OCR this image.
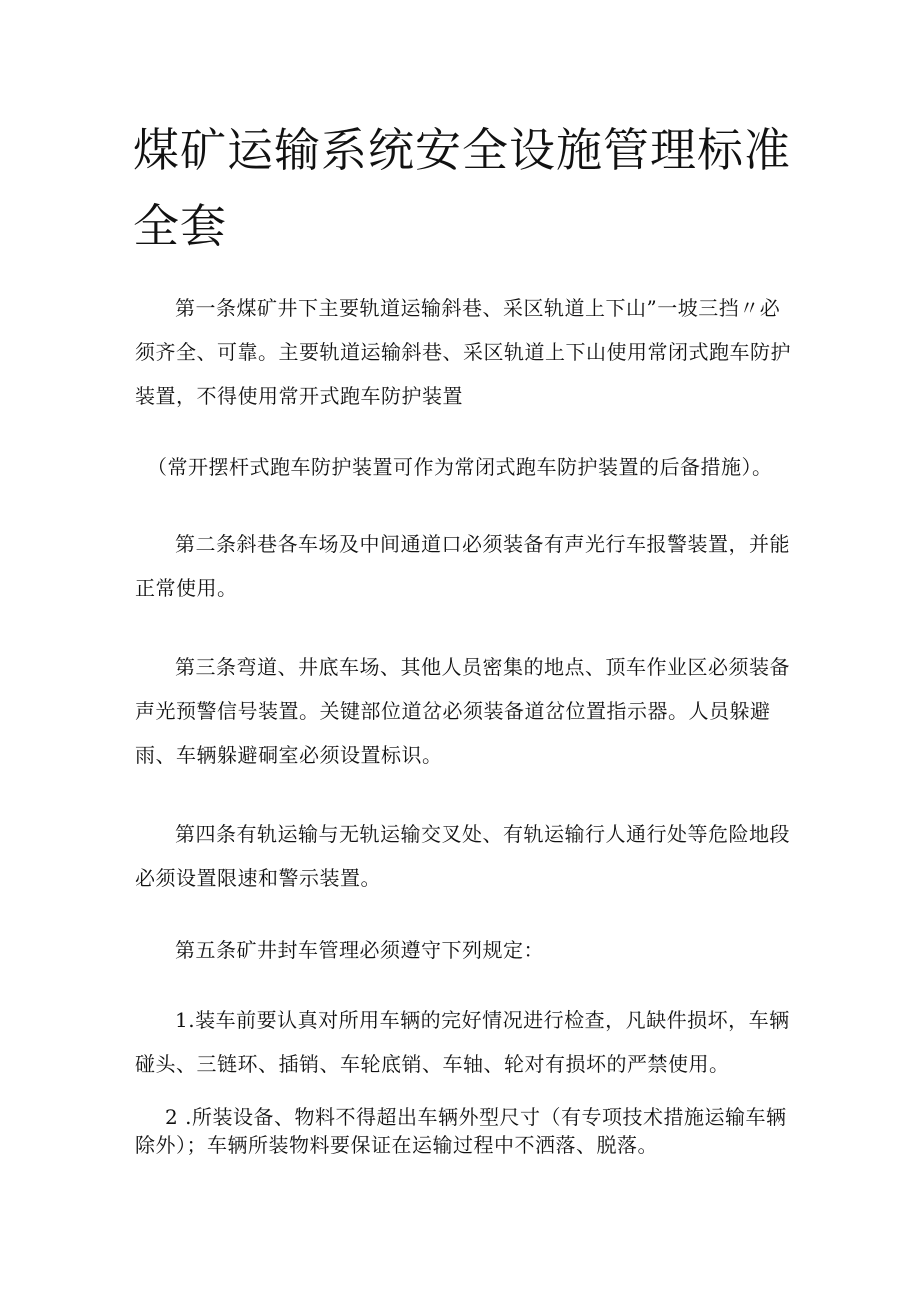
煤矿运输系统安全设施管理标准全套

第一条煤矿井下主要轨道运输斜巷、采区轨道上下山”一坡三挡〃必须齐全、可靠。主要轨道运输斜巷、采区轨道上下山使用常闭式跑车防护装置，不得使用常开式跑车防护装置

（常开摆杆式跑车防护装置可作为常闭式跑车防护装置的后备措施）。

第二条斜巷各车场及中间通道口必须装备有声光行车报警装置，并能正常使用。

第三条弯道、井底车场、其他人员密集的地点、顶车作业区必须装备声光预警信号装置。关键部位道岔必须装备道岔位置指示器。人员躲避雨、车辆躲避硐室必须设置标识。

第四条有轨运输与无轨运输交叉处、有轨运输行人通行处等危险地段必须设置限速和警示装置。

第五条矿井封车管理必须遵守下列规定：

1.装车前要认真对所用车辆的完好情况进行检查，凡缺件损坏，车辆碰头、三链环、插销、车轮底销、车轴、轮对有损坏的严禁使用。

2 .所装设备、物料不得超出车辆外型尺寸（有专项技术措施运输车辆除外）；车辆所装物料要保证在运输过程中不洒落、脱落。
